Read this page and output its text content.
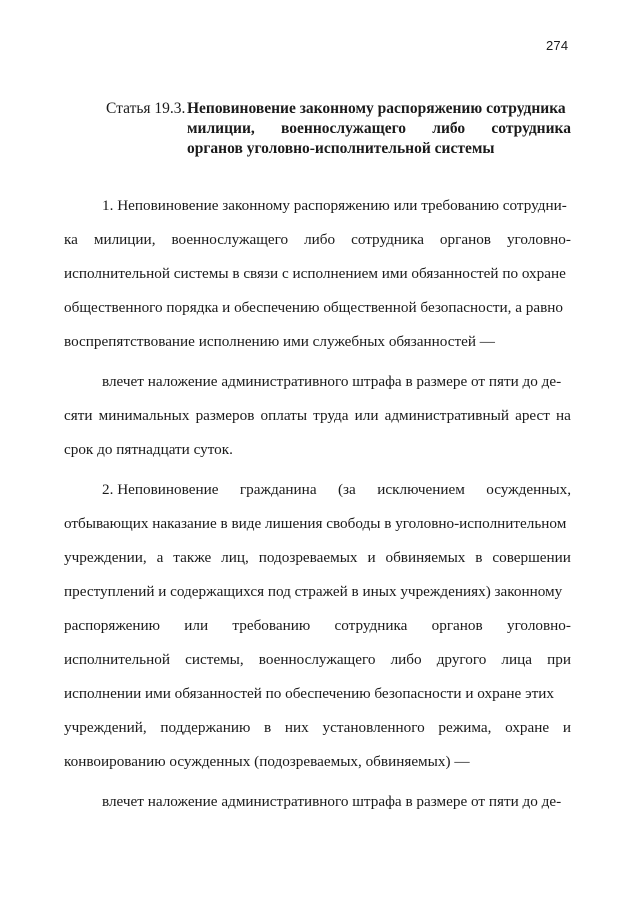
274
Статья 19.3. Неповиновение законному распоряжению сотрудника
милиции, военнослужащего либо сотрудника
органов уголовно-исполнительной системы
1. Неповиновение законному распоряжению или требованию сотрудни-
ка милиции, военнослужащего либо сотрудника органов уголовно-
исполнительной системы в связи с исполнением ими обязанностей по охране
общественного порядка и обеспечению общественной безопасности, а равно
воспрепятствование исполнению ими служебных обязанностей —
влечет наложение административного штрафа в размере от пяти до де-
сяти минимальных размеров оплаты труда или административный арест на
срок до пятнадцати суток.
2. Неповиновение гражданина (за исключением осужденных,
отбывающих наказание в виде лишения свободы в уголовно-исполнительном
учреждении, а также лиц, подозреваемых и обвиняемых в совершении
преступлений и содержащихся под стражей в иных учреждениях) законному
распоряжению или требованию сотрудника органов уголовно-
исполнительной системы, военнослужащего либо другого лица при
исполнении ими обязанностей по обеспечению безопасности и охране этих
учреждений, поддержанию в них установленного режима, охране и
конвоированию осужденных (подозреваемых, обвиняемых) —
влечет наложение административного штрафа в размере от пяти до де-
